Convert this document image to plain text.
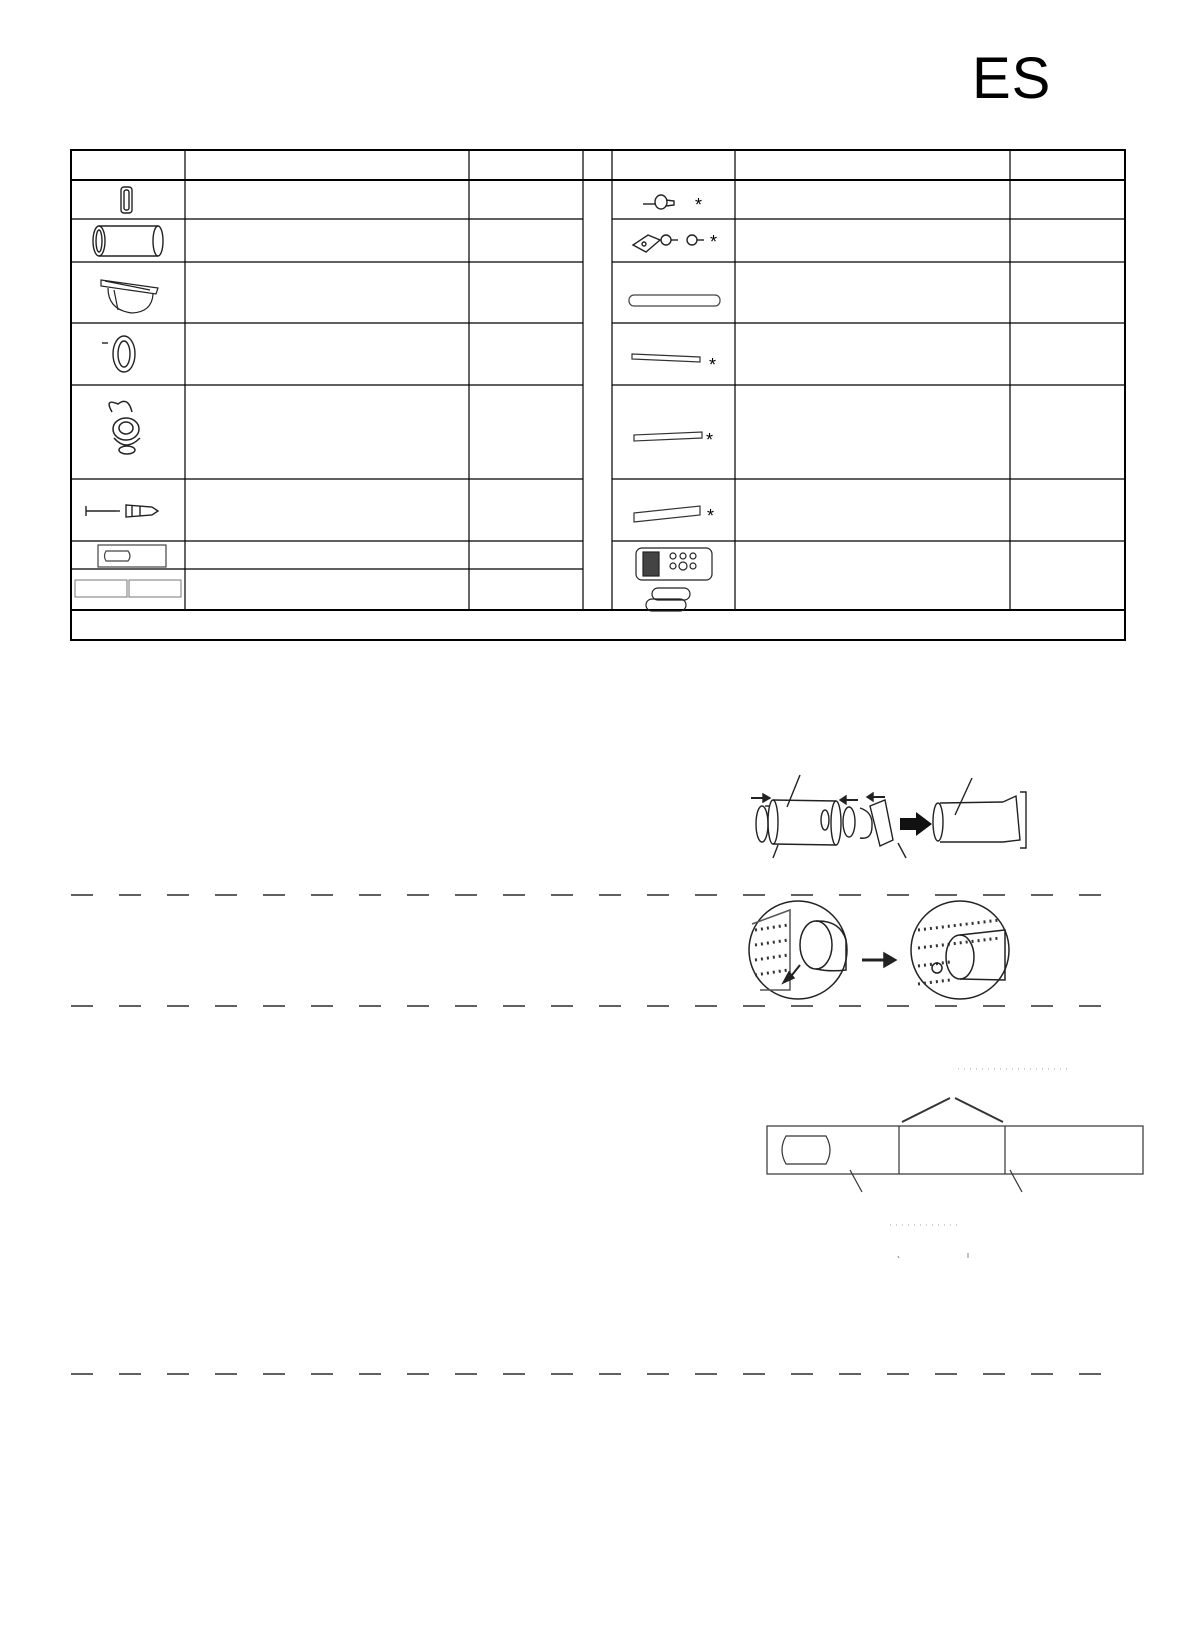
ES
*
*
*
*
*
